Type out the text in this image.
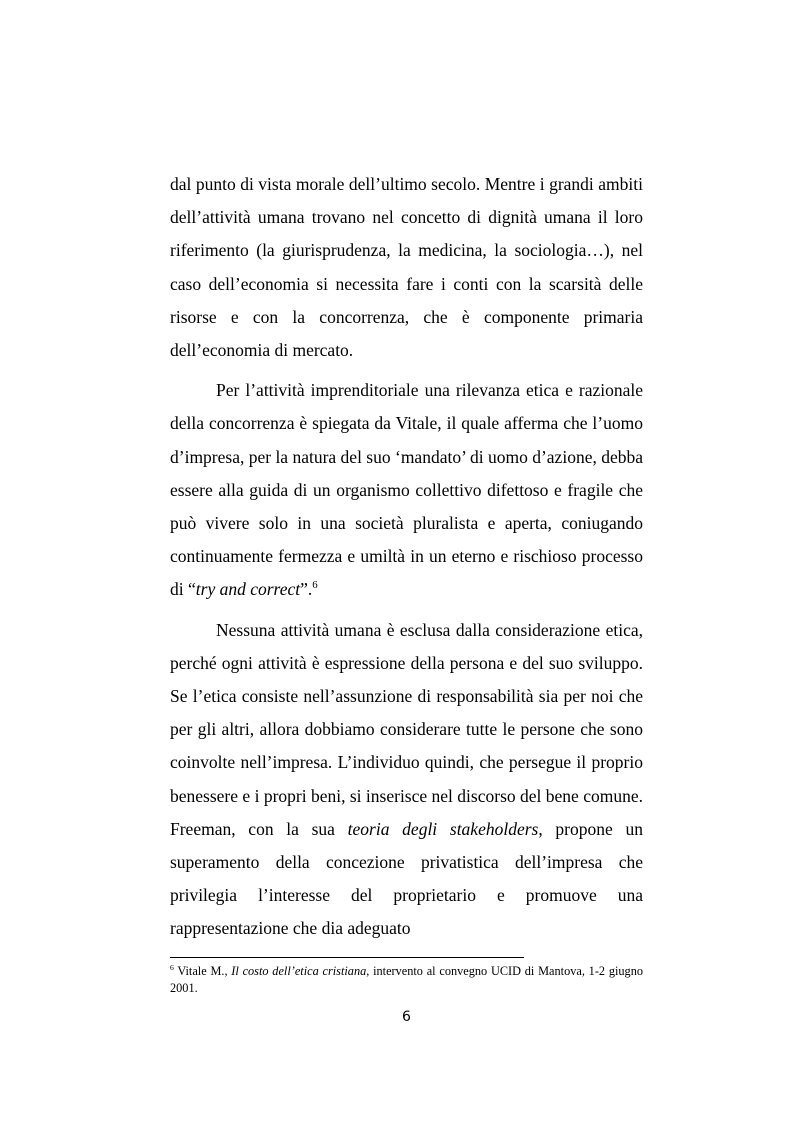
dal punto di vista morale dell’ultimo secolo. Mentre i grandi ambiti dell’attività umana trovano nel concetto di dignità umana il loro riferimento (la giurisprudenza, la medicina, la sociologia…), nel caso dell’economia si necessita fare i conti con la scarsità delle risorse e con la concorrenza, che è componente primaria dell’economia di mercato.

Per l’attività imprenditoriale una rilevanza etica e razionale della concorrenza è spiegata da Vitale, il quale afferma che l’uomo d’impresa, per la natura del suo ‘mandato’ di uomo d’azione, debba essere alla guida di un organismo collettivo difettoso e fragile che può vivere solo in una società pluralista e aperta, coniugando continuamente fermezza e umiltà in un eterno e rischioso processo di “try and correct”.$^6$

Nessuna attività umana è esclusa dalla considerazione etica, perché ogni attività è espressione della persona e del suo sviluppo. Se l’etica consiste nell’assunzione di responsabilità sia per noi che per gli altri, allora dobbiamo considerare tutte le persone che sono coinvolte nell’impresa. L’individuo quindi, che persegue il proprio benessere e i propri beni, si inserisce nel discorso del bene comune. Freeman, con la sua teoria degli stakeholders, propone un superamento della concezione privatistica dell’impresa che privilegia l’interesse del proprietario e promuove una rappresentazione che dia adeguato

$^6$ Vitale M., Il costo dell’etica cristiana, intervento al convegno UCID di Mantova, 1-2 giugno 2001.
6
